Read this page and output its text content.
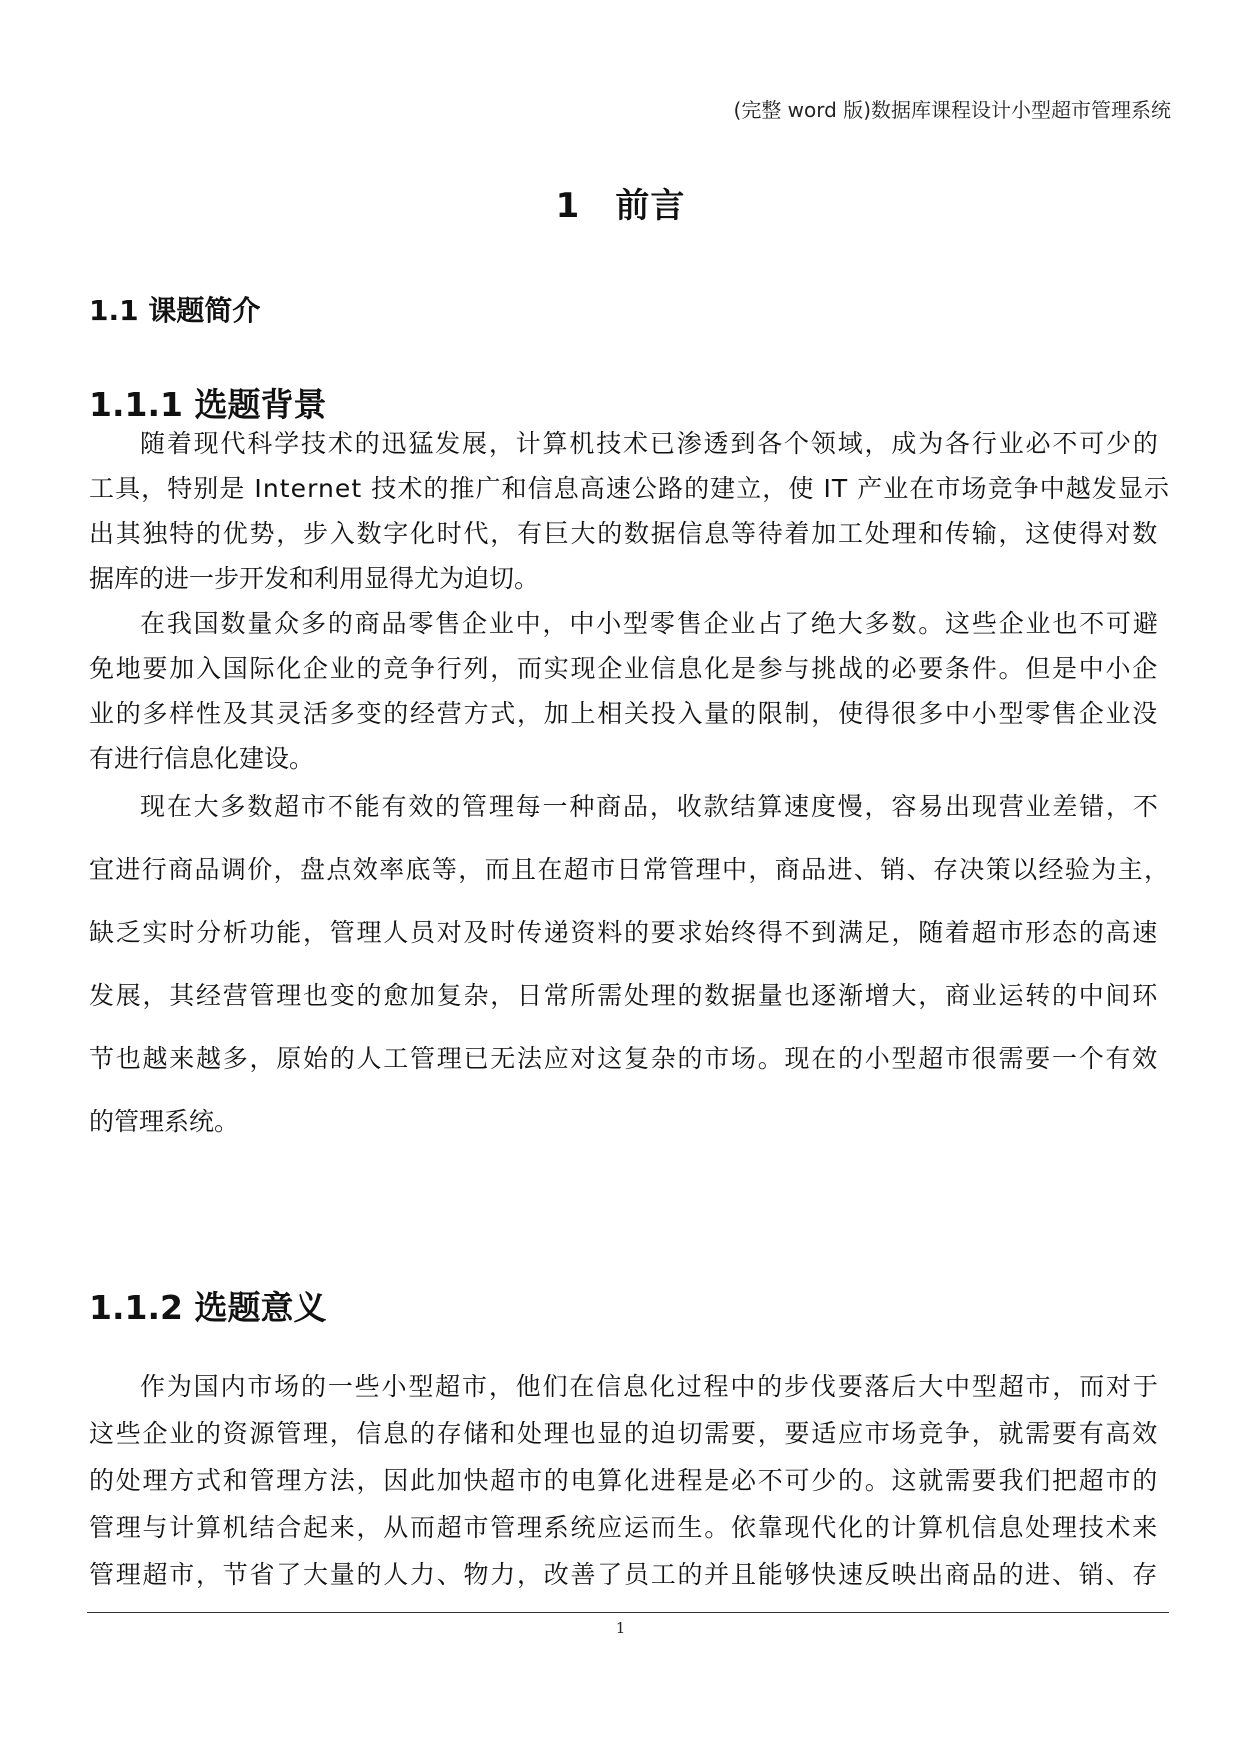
(完整 word 版)数据库课程设计小型超市管理系统
1　前言
1.1 课题简介
1.1.1 选题背景
随着现代科学技术的迅猛发展，计算机技术已渗透到各个领域，成为各行业必不可少的
工具，特别是 Internet 技术的推广和信息高速公路的建立，使 IT 产业在市场竞争中越发显示
出其独特的优势，步入数字化时代，有巨大的数据信息等待着加工处理和传输，这使得对数
据库的进一步开发和利用显得尤为迫切。
在我国数量众多的商品零售企业中，中小型零售企业占了绝大多数。这些企业也不可避
免地要加入国际化企业的竞争行列，而实现企业信息化是参与挑战的必要条件。但是中小企
业的多样性及其灵活多变的经营方式，加上相关投入量的限制，使得很多中小型零售企业没
有进行信息化建设。
现在大多数超市不能有效的管理每一种商品，收款结算速度慢，容易出现营业差错，不
宜进行商品调价，盘点效率底等，而且在超市日常管理中，商品进、销、存决策以经验为主，
缺乏实时分析功能，管理人员对及时传递资料的要求始终得不到满足，随着超市形态的高速
发展，其经营管理也变的愈加复杂，日常所需处理的数据量也逐渐增大，商业运转的中间环
节也越来越多，原始的人工管理已无法应对这复杂的市场。现在的小型超市很需要一个有效
的管理系统。
1.1.2 选题意义
作为国内市场的一些小型超市，他们在信息化过程中的步伐要落后大中型超市，而对于
这些企业的资源管理，信息的存储和处理也显的迫切需要，要适应市场竞争，就需要有高效
的处理方式和管理方法，因此加快超市的电算化进程是必不可少的。这就需要我们把超市的
管理与计算机结合起来，从而超市管理系统应运而生。依靠现代化的计算机信息处理技术来
管理超市，节省了大量的人力、物力，改善了员工的并且能够快速反映出商品的进、销、存
1
